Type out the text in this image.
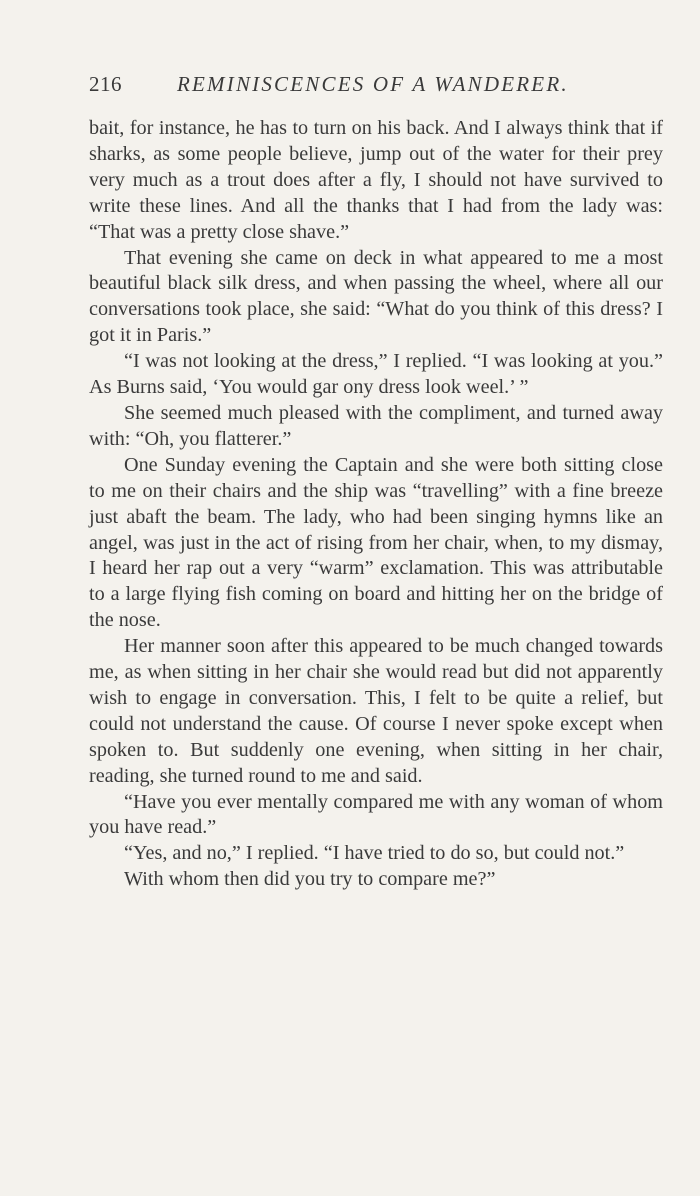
216	REMINISCENCES OF A WANDERER.

bait, for instance, he has to turn on his back. And I always think that if sharks, as some people believe, jump out of the water for their prey very much as a trout does after a fly, I should not have survived to write these lines. And all the thanks that I had from the lady was: “That was a pretty close shave.”

That evening she came on deck in what appeared to me a most beautiful black silk dress, and when passing the wheel, where all our conversations took place, she said: “What do you think of this dress? I got it in Paris.”

“I was not looking at the dress,” I replied. “I was looking at you.” As Burns said, ‘You would gar ony dress look weel.’ ”

She seemed much pleased with the compliment, and turned away with: “Oh, you flatterer.”

One Sunday evening the Captain and she were both sitting close to me on their chairs and the ship was “travelling” with a fine breeze just abaft the beam. The lady, who had been singing hymns like an angel, was just in the act of rising from her chair, when, to my dismay, I heard her rap out a very “warm” exclamation. This was attributable to a large flying fish coming on board and hitting her on the bridge of the nose.

Her manner soon after this appeared to be much changed towards me, as when sitting in her chair she would read but did not apparently wish to engage in conversation. This, I felt to be quite a relief, but could not understand the cause. Of course I never spoke except when spoken to. But suddenly one evening, when sitting in her chair, reading, she turned round to me and said.

“Have you ever mentally compared me with any woman of whom you have read.”

“Yes, and no,” I replied. “I have tried to do so, but could not.”

With whom then did you try to compare me?”
